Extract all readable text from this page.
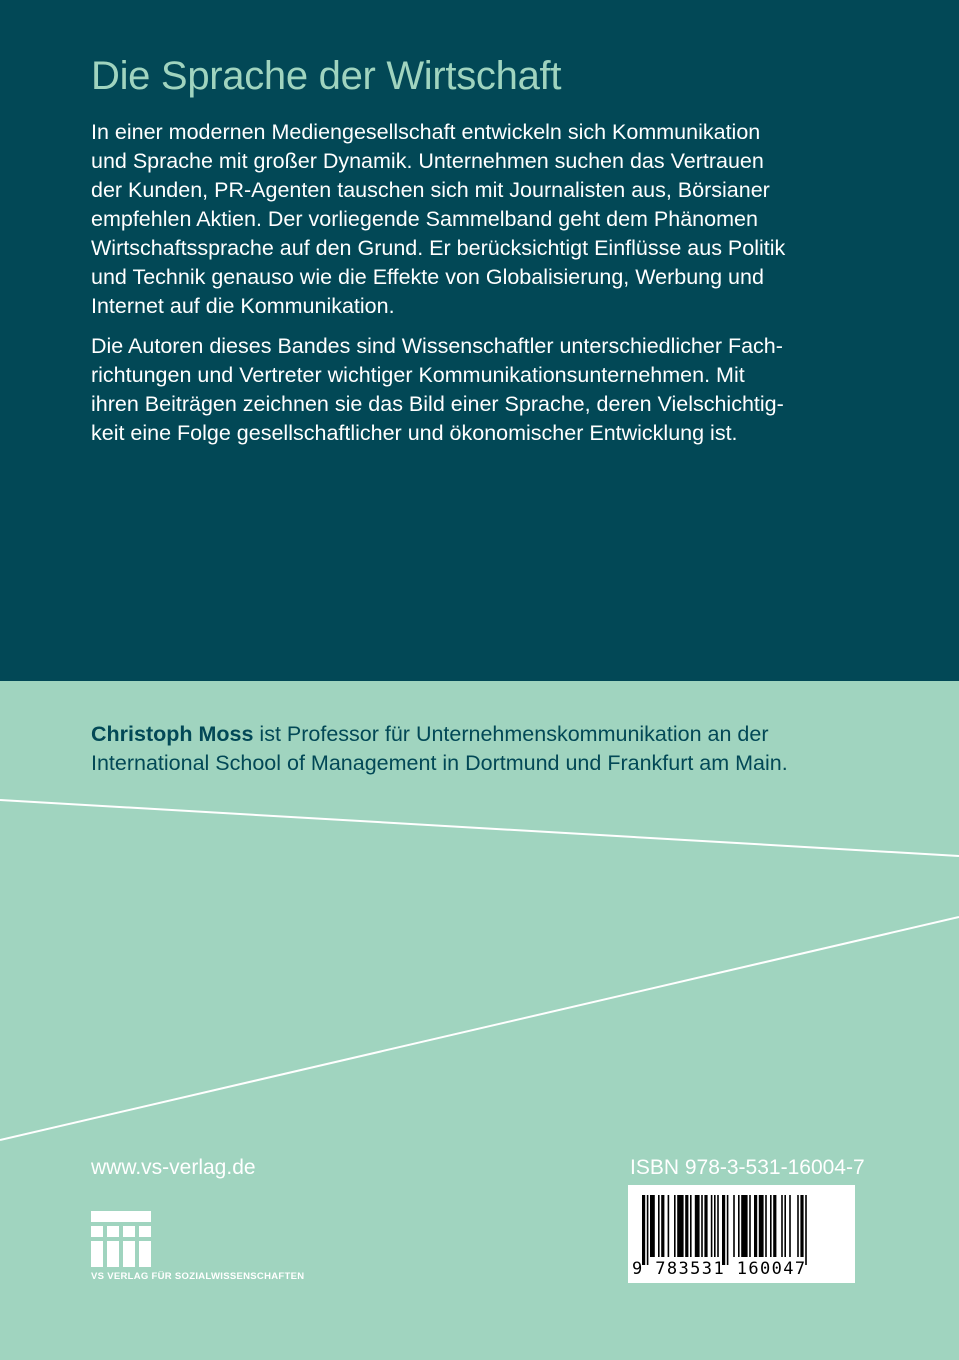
Die Sprache der Wirtschaft
In einer modernen Mediengesellschaft entwickeln sich Kommunikation
und Sprache mit großer Dynamik. Unternehmen suchen das Vertrauen
der Kunden, PR-Agenten tauschen sich mit Journalisten aus, Börsianer
empfehlen Aktien. Der vorliegende Sammelband geht dem Phänomen
Wirtschaftssprache auf den Grund. Er berücksichtigt Einflüsse aus Politik
und Technik genauso wie die Effekte von Globalisierung, Werbung und
Internet auf die Kommunikation.
Die Autoren dieses Bandes sind Wissenschaftler unterschiedlicher Fach-
richtungen und Vertreter wichtiger Kommunikationsunternehmen. Mit
ihren Beiträgen zeichnen sie das Bild einer Sprache, deren Vielschichtig-
keit eine Folge gesellschaftlicher und ökonomischer Entwicklung ist.
Christoph Moss ist Professor für Unternehmenskommunikation an der
International School of Management in Dortmund und Frankfurt am Main.
www.vs-verlag.de	ISBN 978-3-531-16004-7
VS VERLAG FÜR SOZIALWISSENSCHAFTEN	9 783531 160047
